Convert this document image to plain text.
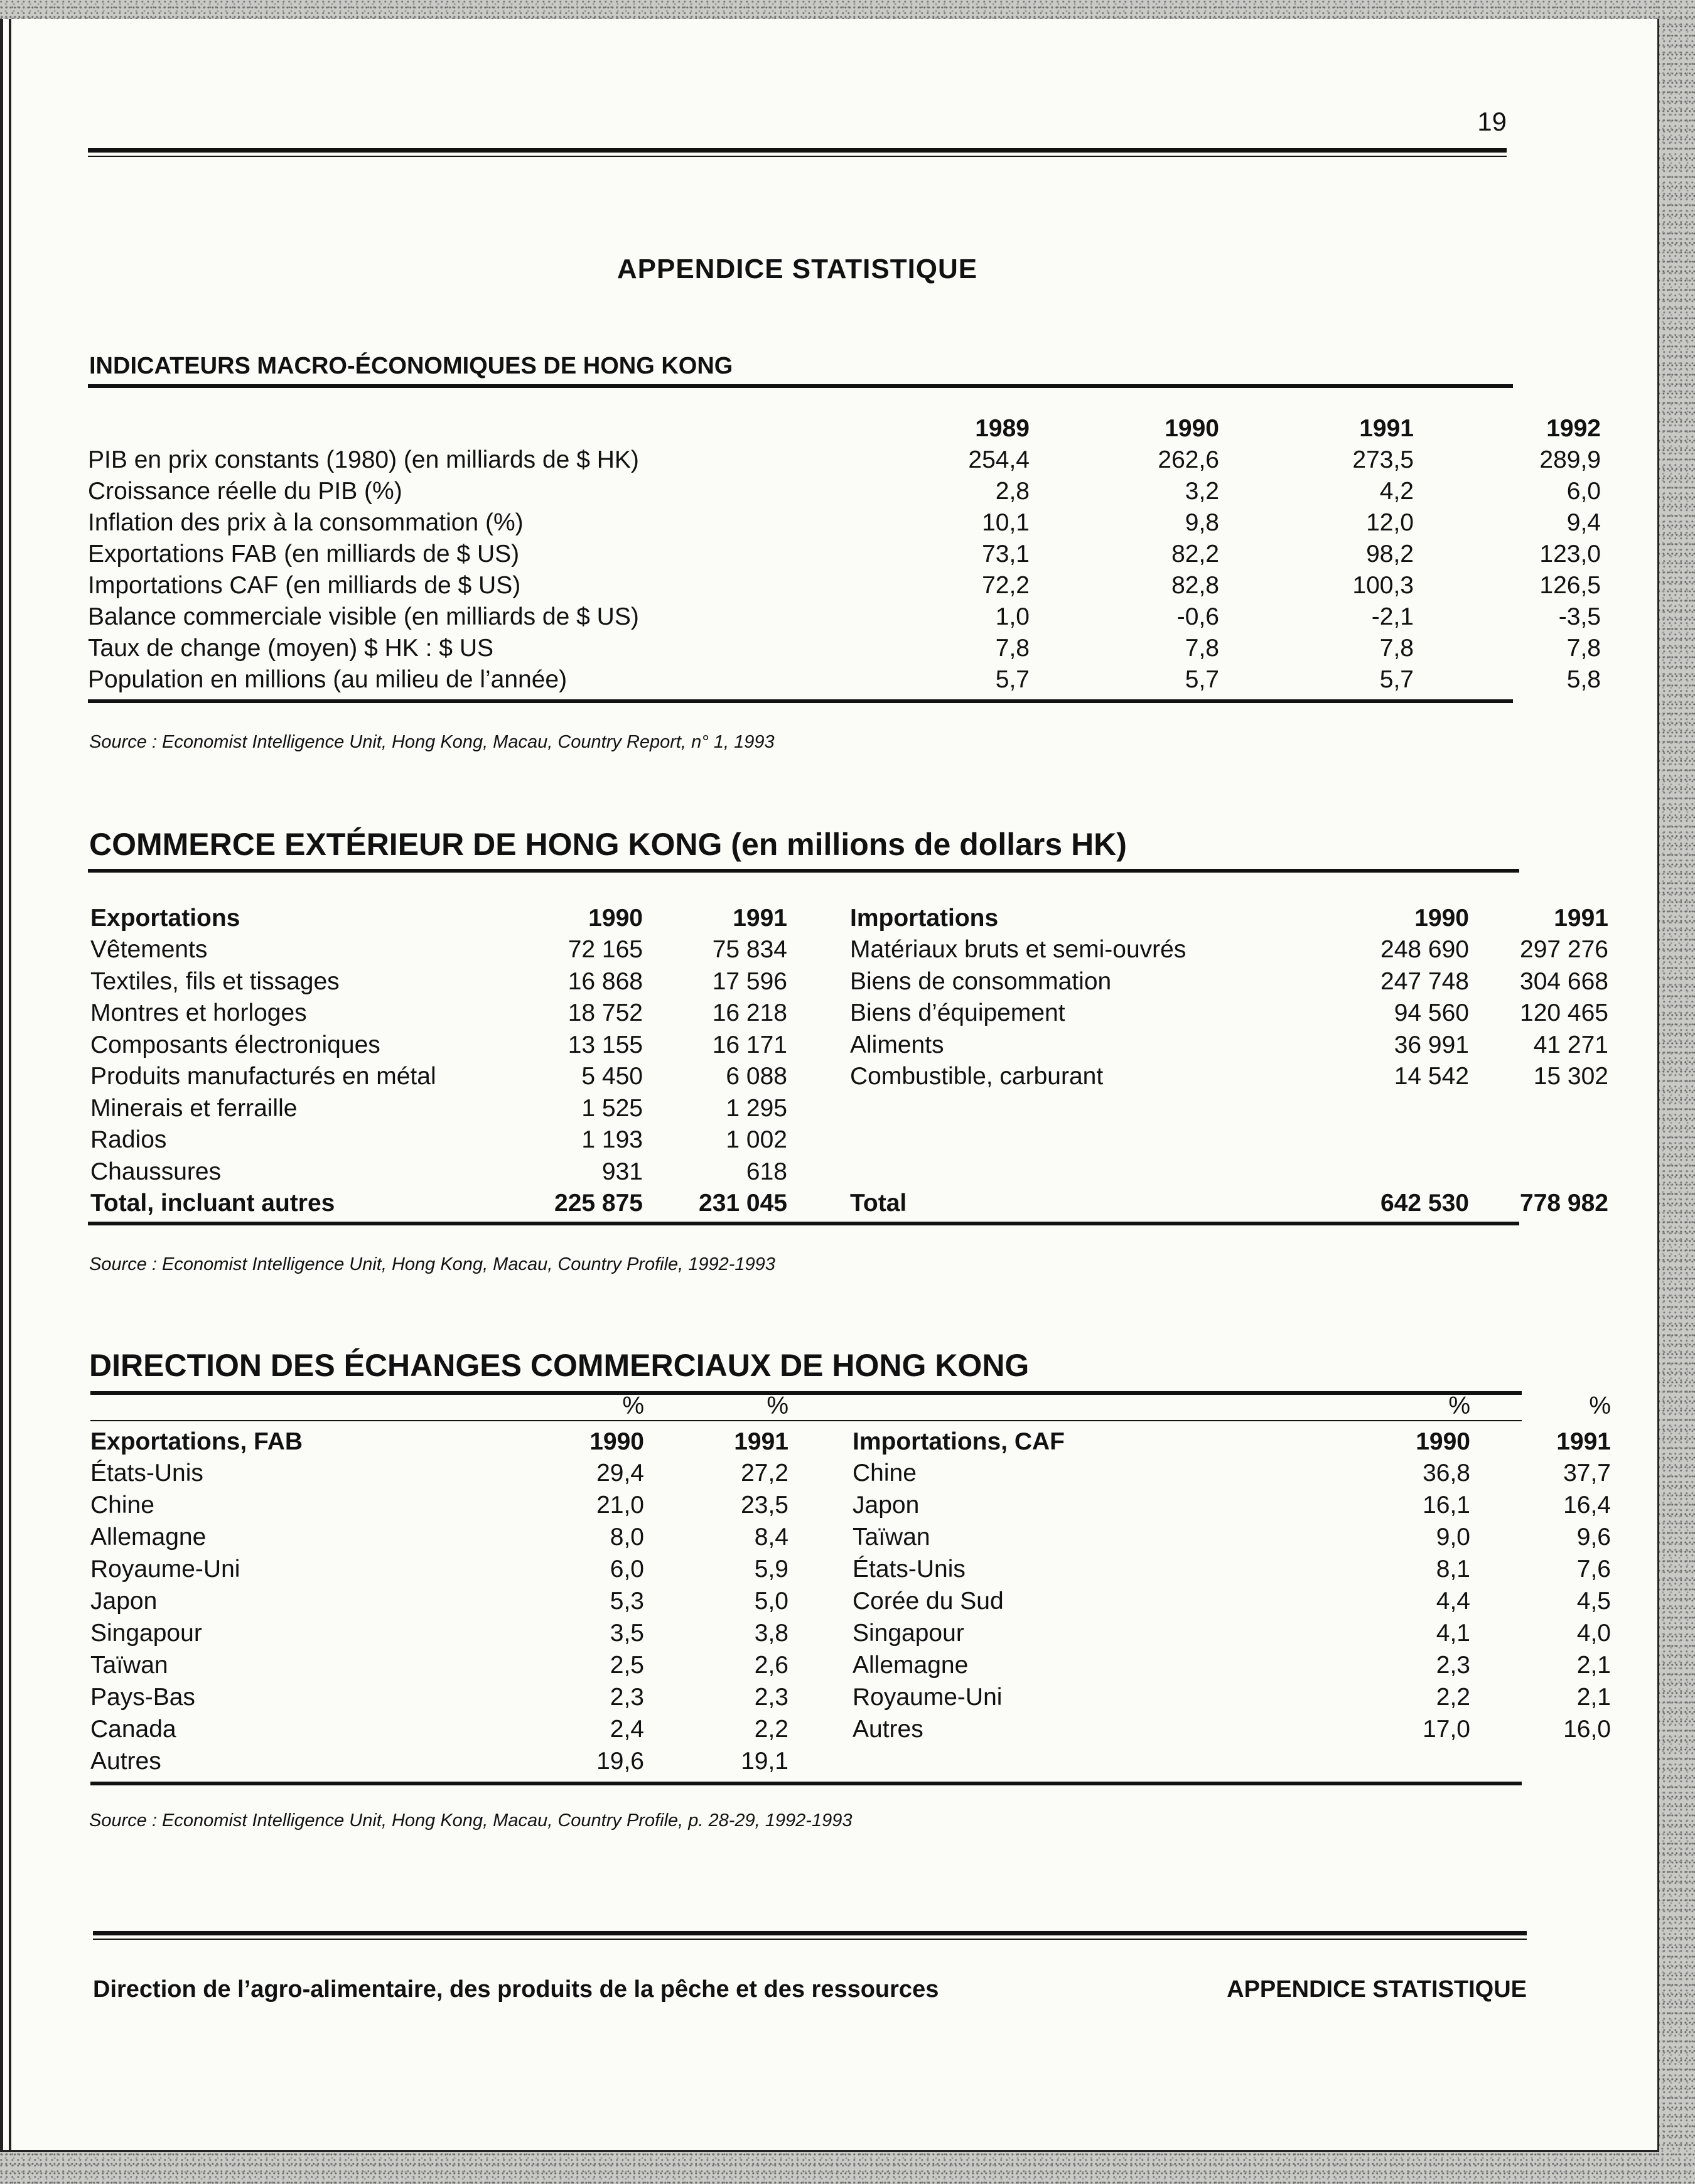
19
APPENDICE STATISTIQUE
INDICATEURS MACRO-ÉCONOMIQUES DE HONG KONG
1989	1990	1991	1992
PIB en prix constants (1980) (en milliards de $ HK)	254,4	262,6	273,5	289,9
Croissance réelle du PIB (%)	2,8	3,2	4,2	6,0
Inflation des prix à la consommation (%)	10,1	9,8	12,0	9,4
Exportations FAB (en milliards de $ US)	73,1	82,2	98,2	123,0
Importations CAF (en milliards de $ US)	72,2	82,8	100,3	126,5
Balance commerciale visible (en milliards de $ US)	1,0	-0,6	-2,1	-3,5
Taux de change (moyen) $ HK : $ US	7,8	7,8	7,8	7,8
Population en millions (au milieu de l’année)	5,7	5,7	5,7	5,8
Source : Economist Intelligence Unit, Hong Kong, Macau, Country Report, n° 1, 1993
COMMERCE EXTÉRIEUR DE HONG KONG (en millions de dollars HK)
Exportations	1990	1991	Importations	1990	1991
Vêtements	72 165	75 834	Matériaux bruts et semi-ouvrés	248 690	297 276
Textiles, fils et tissages	16 868	17 596	Biens de consommation	247 748	304 668
Montres et horloges	18 752	16 218	Biens d’équipement	94 560	120 465
Composants électroniques	13 155	16 171	Aliments	36 991	41 271
Produits manufacturés en métal	5 450	6 088	Combustible, carburant	14 542	15 302
Minerais et ferraille	1 525	1 295
Radios	1 193	1 002
Chaussures	931	618
Total, incluant autres	225 875	231 045	Total	642 530	778 982
Source : Economist Intelligence Unit, Hong Kong, Macau, Country Profile, 1992-1993
DIRECTION DES ÉCHANGES COMMERCIAUX DE HONG KONG
%	%	%	%
Exportations, FAB	1990	1991	Importations, CAF	1990	1991
États-Unis	29,4	27,2	Chine	36,8	37,7
Chine	21,0	23,5	Japon	16,1	16,4
Allemagne	8,0	8,4	Taïwan	9,0	9,6
Royaume-Uni	6,0	5,9	États-Unis	8,1	7,6
Japon	5,3	5,0	Corée du Sud	4,4	4,5
Singapour	3,5	3,8	Singapour	4,1	4,0
Taïwan	2,5	2,6	Allemagne	2,3	2,1
Pays-Bas	2,3	2,3	Royaume-Uni	2,2	2,1
Canada	2,4	2,2	Autres	17,0	16,0
Autres	19,6	19,1
Source : Economist Intelligence Unit, Hong Kong, Macau, Country Profile, p. 28-29, 1992-1993
Direction de l’agro-alimentaire, des produits de la pêche et des ressources	APPENDICE STATISTIQUE
